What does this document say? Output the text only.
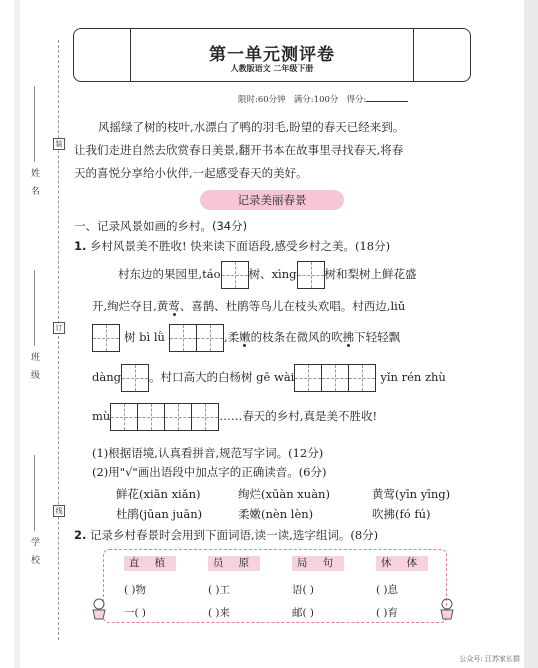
装
订
线
姓 名
班 级
学 校
第一单元测评卷
人教版语文 二年级下册
限时:60分钟 满分:100分 得分:
风摇绿了树的枝叶,水漂白了鸭的羽毛,盼望的春天已经来到。
让我们走进自然去欣赏春日美景,翻开书本在故事里寻找春天,将春
天的喜悦分享给小伙伴,一起感受春天的美好。
记录美丽春景
一、记录风景如画的乡村。(34分)
1. 乡村风景美不胜收! 快来读下面语段,感受乡村之美。(18分)
村东边的果园里,táo 树、xìng 树和梨树上鲜花盛
开,绚烂夺目,黄莺、喜鹊、杜鹃等鸟儿在枝头欢唱。村西边,liǔ
树 bì lǜ	,柔嫩的枝条在微风的吹拂下轻轻飘
dàng 。村口高大的白杨树 gē wài	yǐn rén zhù
mù	……春天的乡村,真是美不胜收!
(1)根据语境,认真看拼音,规范写字词。(12分)
(2)用"√"画出语段中加点字的正确读音。(6分)
鲜花(xiān xiǎn)	绚烂(xūàn xuàn)	黄莺(yīn yīng)
杜鹃(jūan juān)	柔嫩(nèn lèn)	吹拂(fó fú)
2. 记录乡村春景时会用到下面词语,读一读,选字组词。(8分)
直 植	员 原	局 句	休 体
( )物	( )工	语( )	( )息
一( )	( )来	邮( )	( )育
公众号: 江苏家长群
